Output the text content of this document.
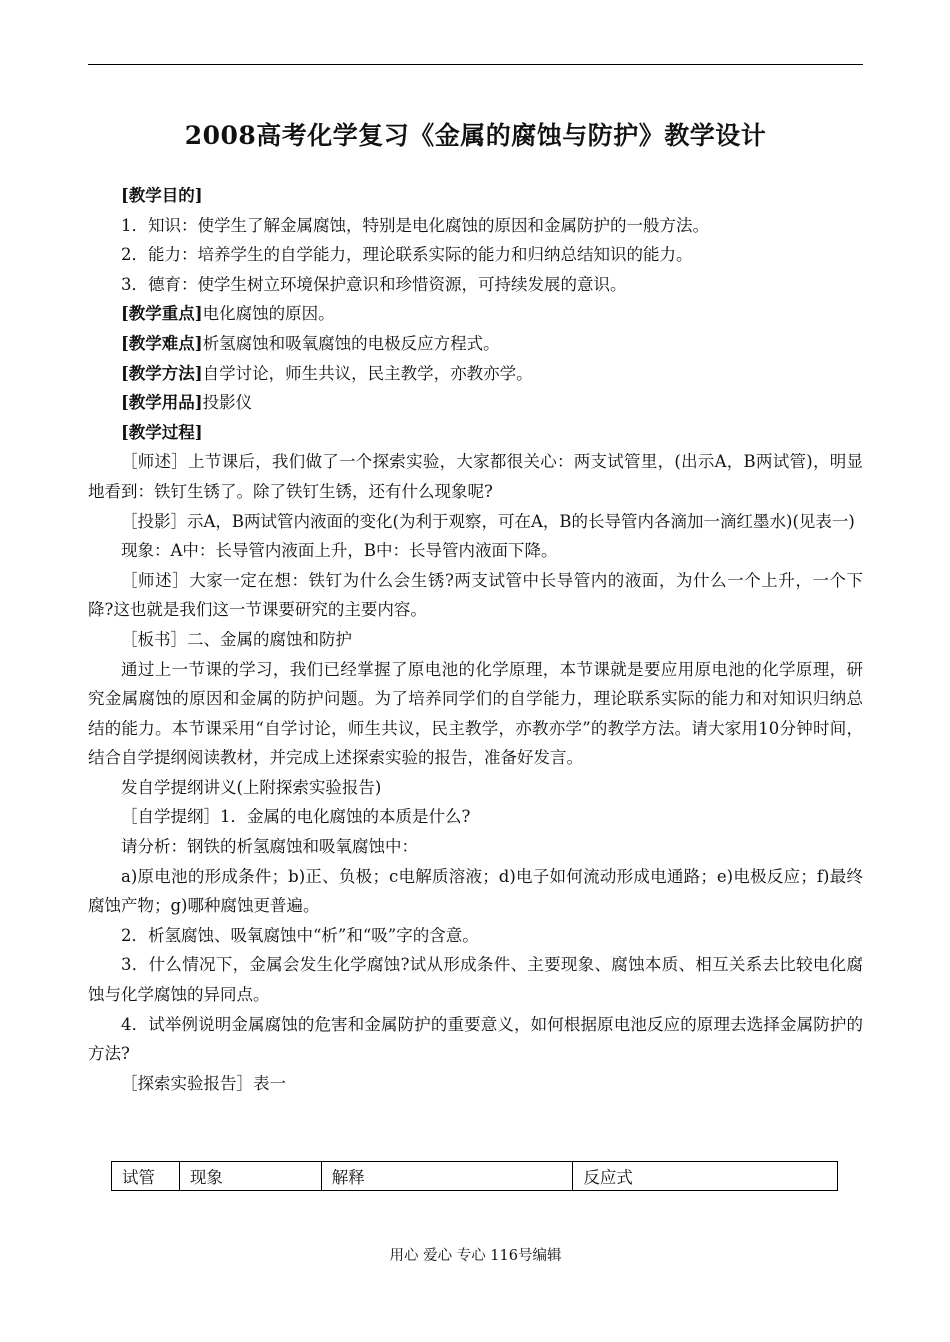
2008高考化学复习《金属的腐蚀与防护》教学设计

[教学目的]

1．知识：使学生了解金属腐蚀，特别是电化腐蚀的原因和金属防护的一般方法。

2．能力：培养学生的自学能力，理论联系实际的能力和归纳总结知识的能力。

3．德育：使学生树立环境保护意识和珍惜资源，可持续发展的意识。

[教学重点]电化腐蚀的原因。

[教学难点]析氢腐蚀和吸氧腐蚀的电极反应方程式。

[教学方法]自学讨论，师生共议，民主教学，亦教亦学。

[教学用品]投影仪

[教学过程]

［师述］上节课后，我们做了一个探索实验，大家都很关心：两支试管里，(出示A，B两试管)，明显地看到：铁钉生锈了。除了铁钉生锈，还有什么现象呢?

［投影］示A，B两试管内液面的变化(为利于观察，可在A，B的长导管内各滴加一滴红墨水)(见表一)

现象：A中：长导管内液面上升，B中：长导管内液面下降。

［师述］大家一定在想：铁钉为什么会生锈?两支试管中长导管内的液面，为什么一个上升，一个下降?这也就是我们这一节课要研究的主要内容。

［板书］二、金属的腐蚀和防护

通过上一节课的学习，我们已经掌握了原电池的化学原理，本节课就是要应用原电池的化学原理，研究金属腐蚀的原因和金属的防护问题。为了培养同学们的自学能力，理论联系实际的能力和对知识归纳总结的能力。本节课采用“自学讨论，师生共议，民主教学，亦教亦学”的教学方法。请大家用10分钟时间，结合自学提纲阅读教材，并完成上述探索实验的报告，准备好发言。

发自学提纲讲义(上附探索实验报告)

［自学提纲］1．金属的电化腐蚀的本质是什么?

请分析：钢铁的析氢腐蚀和吸氧腐蚀中：

a)原电池的形成条件；b)正、负极；c电解质溶液；d)电子如何流动形成电通路；e)电极反应；f)最终腐蚀产物；g)哪种腐蚀更普遍。

2．析氢腐蚀、吸氧腐蚀中“析”和“吸”字的含意。

3．什么情况下，金属会发生化学腐蚀?试从形成条件、主要现象、腐蚀本质、相互关系去比较电化腐蚀与化学腐蚀的异同点。

4．试举例说明金属腐蚀的危害和金属防护的重要意义，如何根据原电池反应的原理去选择金属防护的方法?

［探索实验报告］表一

试管	现象	解释	反应式
用心 爱心 专心 116号编辑
